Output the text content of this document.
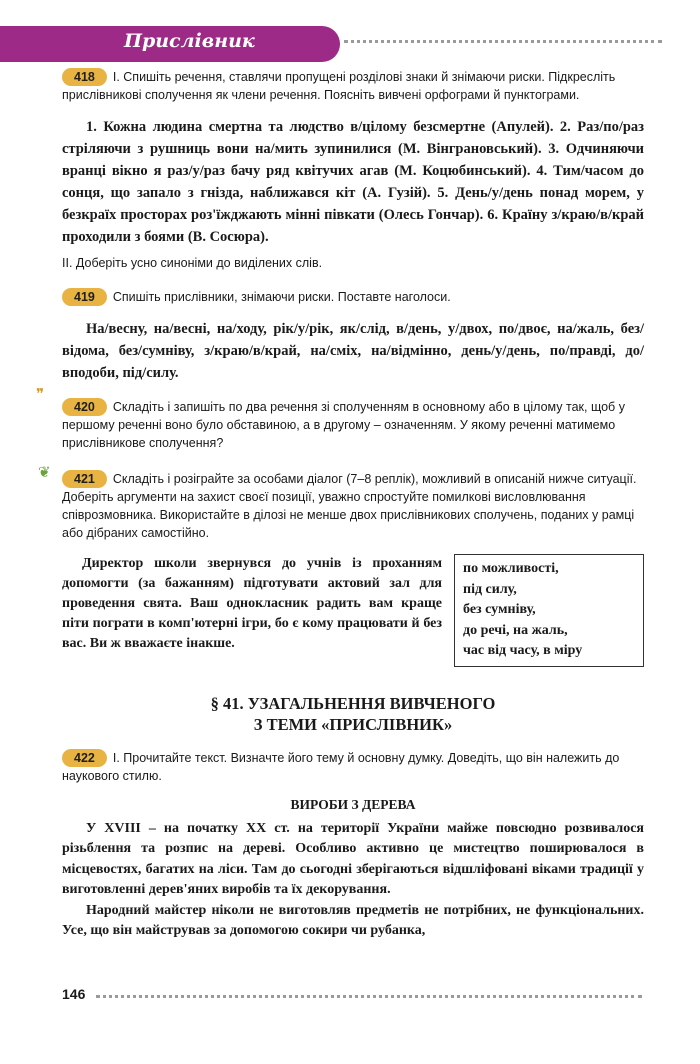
Прислівник
418 I. Спишіть речення, ставлячи пропущені розділові знаки й знімаючи риски. Підкресліть прислівникові сполучення як члени речення. Поясніть вивчені орфограми й пунктограми.
1. Кожна людина смертна та людство в/цілому безсмертне (Апулей). 2. Раз/по/раз стріляючи з рушниць вони на/мить зупинилися (М. Вінграновський). 3. Одчиняючи вранці вікно я раз/у/раз бачу ряд квітучих агав (М. Коцюбинський). 4. Тим/часом до сонця, що запало з гнізда, наближався кіт (А. Гузій). 5. День/у/день понад морем, у безкраїх просторах роз'їжджають мінні півкати (Олесь Гончар). 6. Країну з/краю/в/край проходили з боями (В. Сосюра).
II. Доберіть усно синоніми до виділених слів.
419 Спишіть прислівники, знімаючи риски. Поставте наголоси.
На/весну, на/весні, на/ходу, рік/у/рік, як/слід, в/день, у/двох, по/двоє, на/жаль, без/відома, без/сумніву, з/краю/в/край, на/сміх, на/відмінно, день/у/день, по/правді, до/вподоби, під/силу.
❞
420 Складіть і запишіть по два речення зі сполученням в основному або в цілому так, щоб у першому реченні воно було обставиною, а в другому – означенням. У якому реченні матимемо прислівникове сполучення?
❦ 421 Складіть і розіграйте за особами діалог (7–8 реплік), можливий в описаній нижче ситуації. Доберіть аргументи на захист своєї позиції, уважно спростуйте помилкові висловлювання співрозмовника. Використайте в ділозі не менше двох прислівникових сполучень, поданих у рамці або дібраних самостійно.
Директор школи звернувся до учнів із проханням допомогти (за бажанням) підготувати актовий зал для проведення свята. Ваш однокласник радить вам краще піти пограти в комп'ютерні ігри, бо є кому працювати й без вас. Ви ж вважаєте інакше.
по можливості,
під силу,
без сумніву,
до речі, на жаль,
час від часу, в міру
§ 41. УЗАГАЛЬНЕННЯ ВИВЧЕНОГО
З ТЕМИ «ПРИСЛІВНИК»
422 I. Прочитайте текст. Визначте його тему й основну думку. Доведіть, що він належить до наукового стилю.
ВИРОБИ З ДЕРЕВА

У XVIII – на початку XX ст. на території України майже повсюдно розвивалося різьблення та розпис на дереві. Особливо активно це мистецтво поширювалося в місцевостях, багатих на ліси. Там до сьогодні зберігаються відшліфовані віками традиції у виготовленні дерев'яних виробів та їх декорування.

Народний майстер ніколи не виготовляв предметів не потрібних, не функціональних. Усе, що він майстрував за допомогою сокири чи рубанка,

146
